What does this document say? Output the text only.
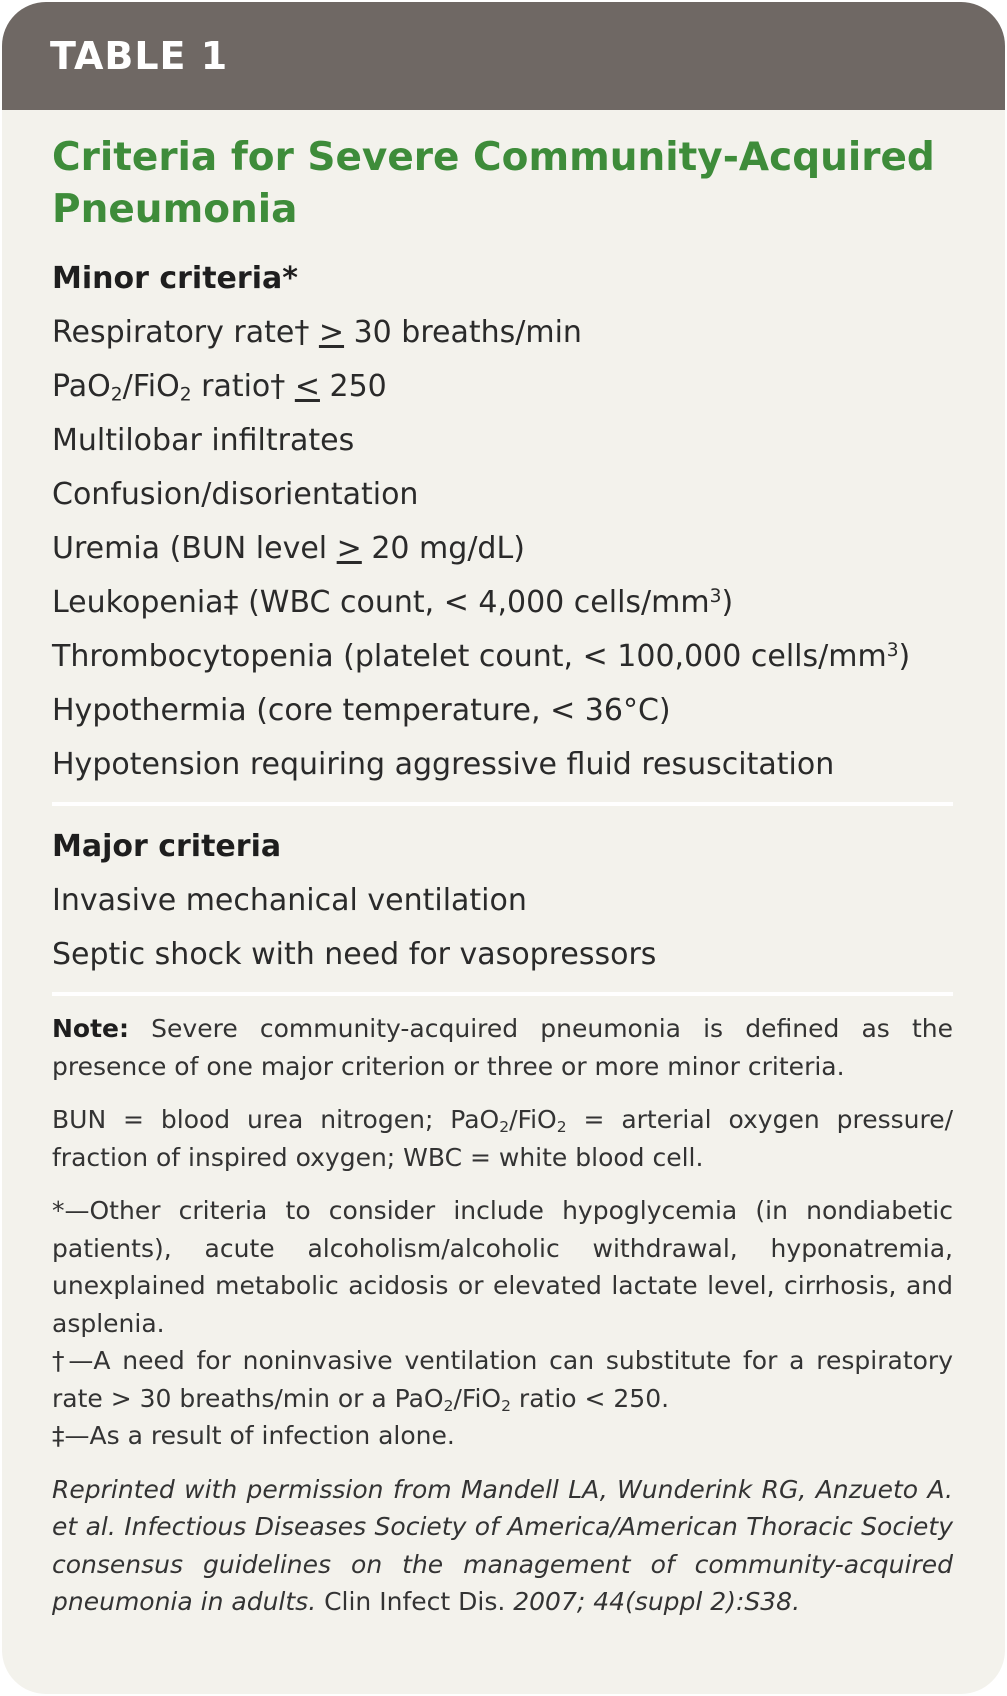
TABLE 1
Criteria for Severe Community-Acquired Pneumonia
Minor criteria*
Respiratory rate† > 30 breaths/min
PaO$_2$/FiO$_2$ ratio† < 250
Multilobar infiltrates
Confusion/disorientation
Uremia (BUN level > 20 mg/dL)
Leukopenia‡ (WBC count, < 4,000 cells/$mm^3$)
Thrombocytopenia (platelet count, < 100,000 cells/$mm^3$)
Hypothermia (core temperature, < 36°C)
Hypotension requiring aggressive fluid resuscitation
Major criteria
Invasive mechanical ventilation
Septic shock with need for vasopressors
Note: Severe community-acquired pneumonia is defined as the presence of one major criterion or three or more minor criteria.
BUN = blood urea nitrogen; PaO$_2$/FiO$_2$ = arterial oxygen pressure/ fraction of inspired oxygen; WBC = white blood cell.
*—Other criteria to consider include hypoglycemia (in nondiabetic patients), acute alcoholism/alcoholic withdrawal, hyponatremia, unexplained metabolic acidosis or elevated lactate level, cirrhosis, and asplenia.
†—A need for noninvasive ventilation can substitute for a respiratory rate > 30 breaths/min or a PaO$_2$/FiO$_2$ ratio < 250.
‡—As a result of infection alone.
Reprinted with permission from Mandell LA, Wunderink RG, Anzueto A. et al. Infectious Diseases Society of America/American Thoracic Society consensus guidelines on the management of community-acquired pneumonia in adults. Clin Infect Dis. 2007; 44(suppl 2):S38.
